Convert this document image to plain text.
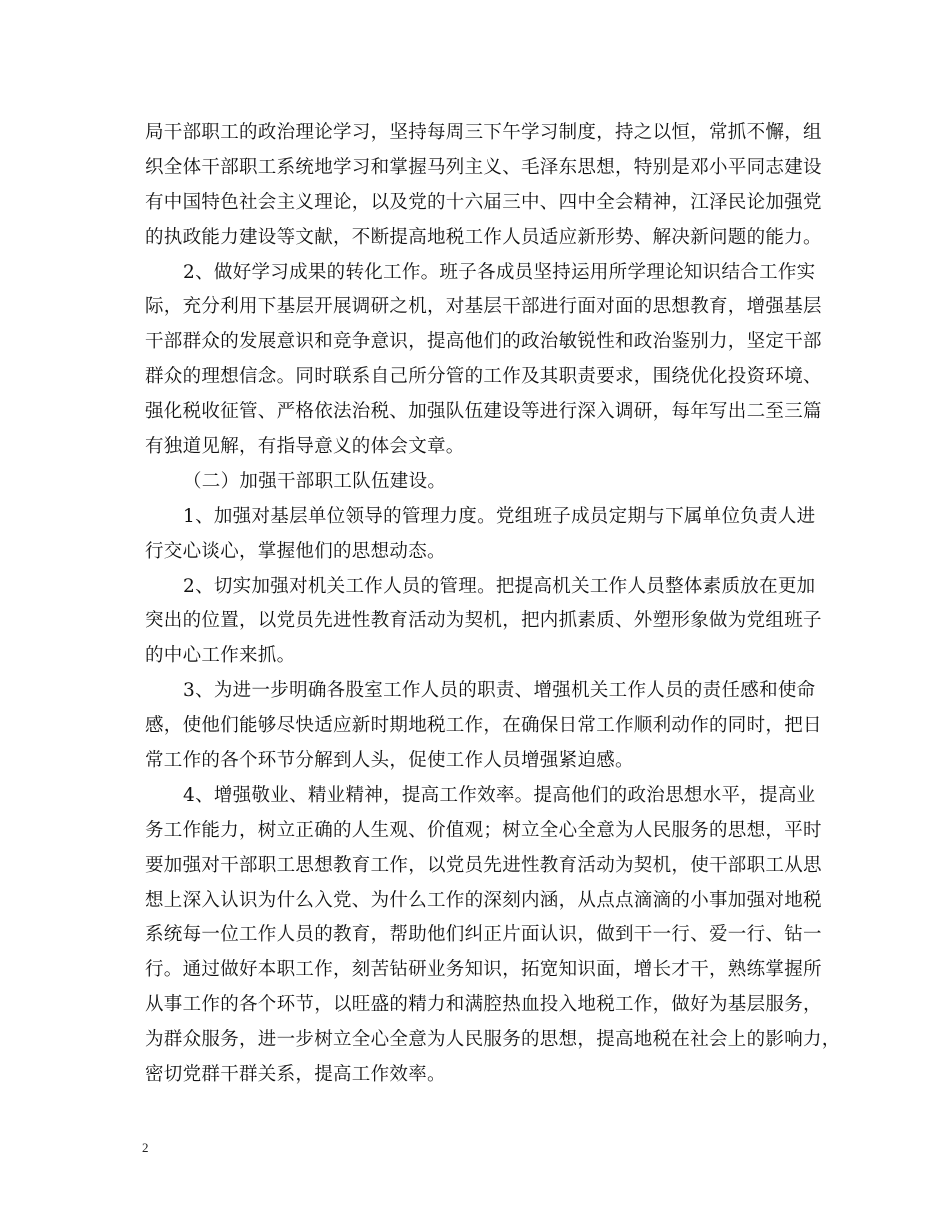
局干部职工的政治理论学习，坚持每周三下午学习制度，持之以恒，常抓不懈，组
织全体干部职工系统地学习和掌握马列主义、毛泽东思想，特别是邓小平同志建设
有中国特色社会主义理论，以及党的十六届三中、四中全会精神，江泽民论加强党
的执政能力建设等文献，不断提高地税工作人员适应新形势、解决新问题的能力。
2、做好学习成果的转化工作。班子各成员坚持运用所学理论知识结合工作实
际，充分利用下基层开展调研之机，对基层干部进行面对面的思想教育，增强基层
干部群众的发展意识和竞争意识，提高他们的政治敏锐性和政治鉴别力，坚定干部
群众的理想信念。同时联系自己所分管的工作及其职责要求，围绕优化投资环境、
强化税收征管、严格依法治税、加强队伍建设等进行深入调研，每年写出二至三篇
有独道见解，有指导意义的体会文章。
（二）加强干部职工队伍建设。
1、加强对基层单位领导的管理力度。党组班子成员定期与下属单位负责人进
行交心谈心，掌握他们的思想动态。
2、切实加强对机关工作人员的管理。把提高机关工作人员整体素质放在更加
突出的位置，以党员先进性教育活动为契机，把内抓素质、外塑形象做为党组班子
的中心工作来抓。
3、为进一步明确各股室工作人员的职责、增强机关工作人员的责任感和使命
感，使他们能够尽快适应新时期地税工作，在确保日常工作顺利动作的同时，把日
常工作的各个环节分解到人头，促使工作人员增强紧迫感。
4、增强敬业、精业精神，提高工作效率。提高他们的政治思想水平，提高业
务工作能力，树立正确的人生观、价值观；树立全心全意为人民服务的思想，平时
要加强对干部职工思想教育工作，以党员先进性教育活动为契机，使干部职工从思
想上深入认识为什么入党、为什么工作的深刻内涵，从点点滴滴的小事加强对地税
系统每一位工作人员的教育，帮助他们纠正片面认识，做到干一行、爱一行、钻一
行。通过做好本职工作，刻苦钻研业务知识，拓宽知识面，增长才干，熟练掌握所
从事工作的各个环节，以旺盛的精力和满腔热血投入地税工作，做好为基层服务，
为群众服务，进一步树立全心全意为人民服务的思想，提高地税在社会上的影响力，
密切党群干群关系，提高工作效率。
2
